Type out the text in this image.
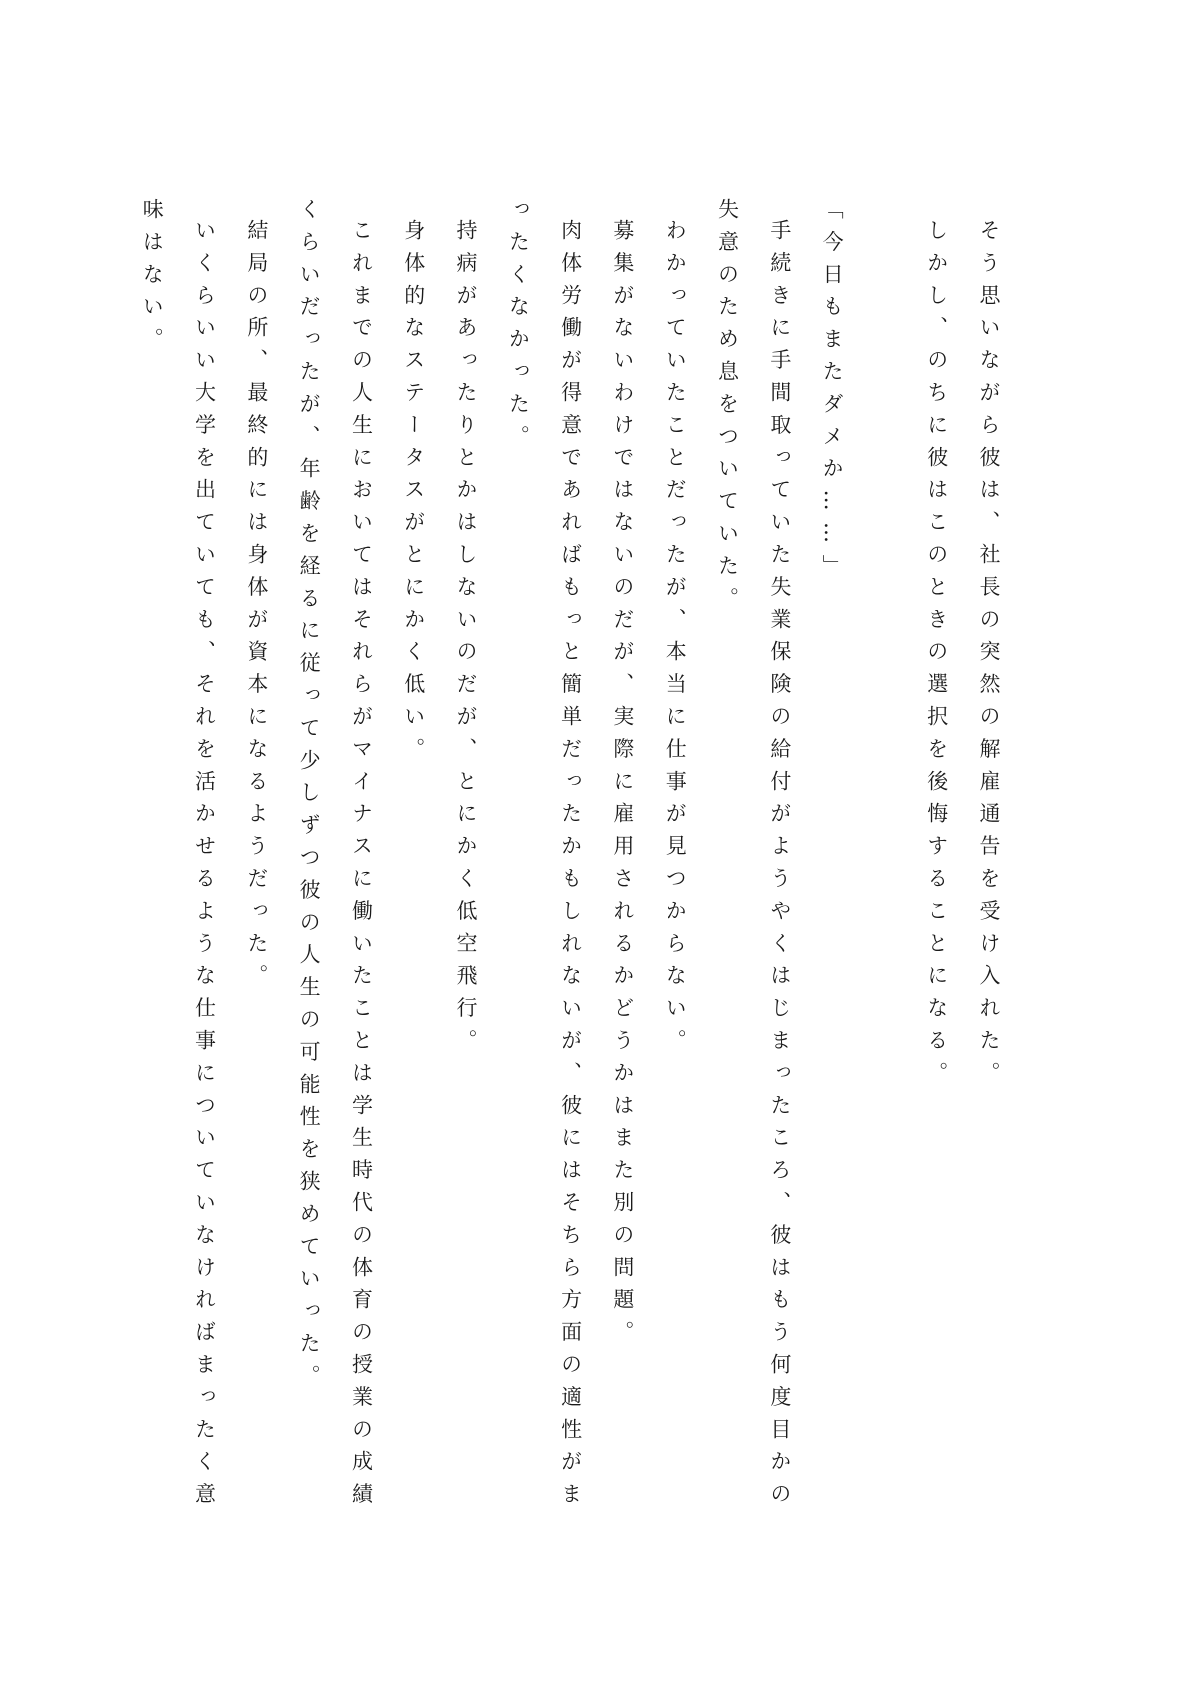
そう思いながら彼は、社長の突然の解雇通告を受け入れた。

しかし、のちに彼はこのときの選択を後悔することになる。

「今日もまたダメか……」

手続きに手間取っていた失業保険の給付がようやくはじまったころ、彼はもう何度目かの失意のため息をついていた。

わかっていたことだったが、本当に仕事が見つからない。

募集がないわけではないのだが、実際に雇用されるかどうかはまた別の問題。

肉体労働が得意であればもっと簡単だったかもしれないが、彼にはそちら方面の適性がまったくなかった。

持病があったりとかはしないのだが、とにかく低空飛行。

身体的なステータスがとにかく低い。

これまでの人生においてはそれらがマイナスに働いたことは学生時代の体育の授業の成績くらいだったが、年齢を経るに従って少しずつ彼の人生の可能性を狭めていった。

結局の所、最終的には身体が資本になるようだった。

いくらいい大学を出ていても、それを活かせるような仕事についていなければまったく意味はない。
